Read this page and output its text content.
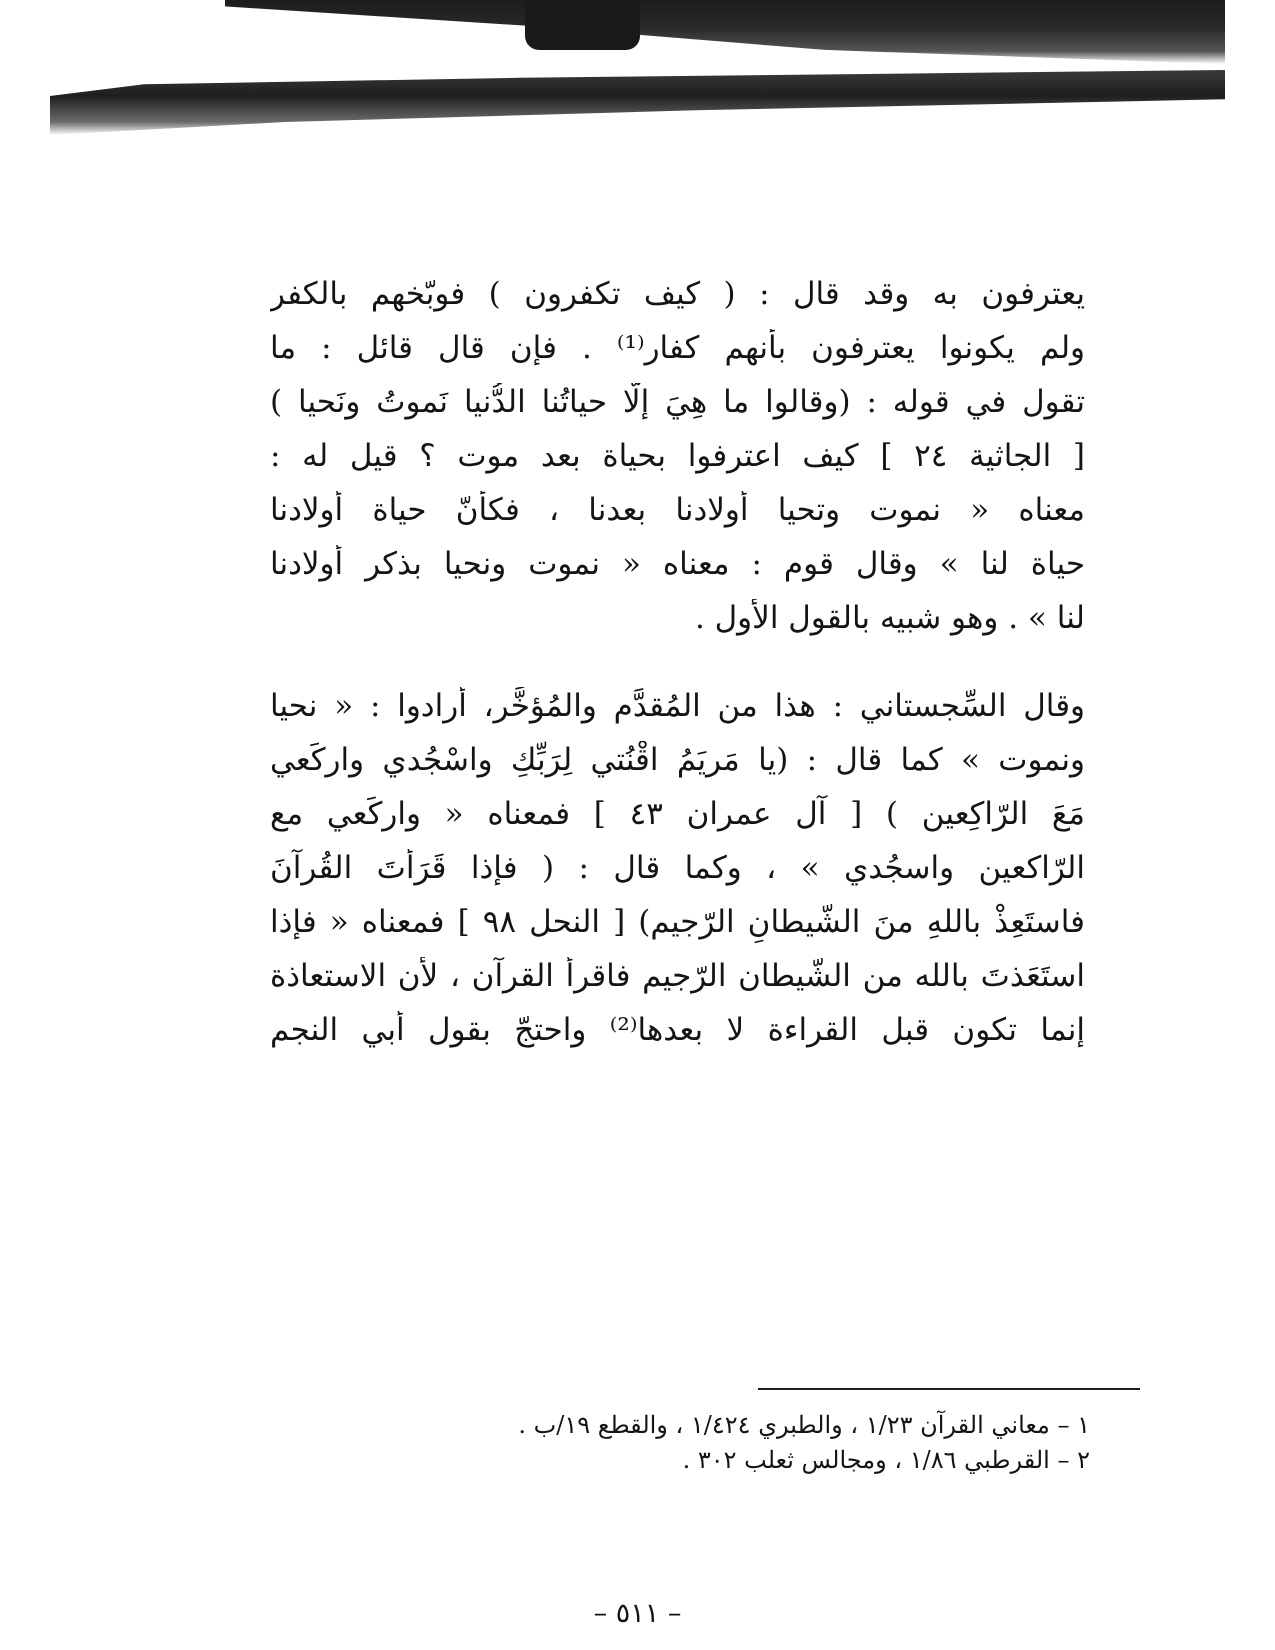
يعترفون به وقد قال : ( كيف تكفرون ) فوبّخهم بالكفر
ولم يكونوا يعترفون بأنهم كفار⁽¹⁾ . فإن قال قائل : ما
تقول في قوله : (وقالوا ما هِيَ إلّا حياتُنا الدُّنيا نَموتُ ونَحيا )
[ الجاثية ٢٤ ] كيف اعترفوا بحياة بعد موت ؟ قيل له :
معناه « نموت وتحيا أولادنا بعدنا ، فكأنّ حياة أولادنا
حياة لنا » وقال قوم : معناه « نموت ونحيا بذكر أولادنا
لنا » . وهو شبيه بالقول الأول .
وقال السِّجستاني : هذا من المُقدَّم والمُؤخَّر، أرادوا : « نحيا
ونموت » كما قال : (يا مَريَمُ اقْنُتي لِرَبِّكِ واسْجُدي واركَعي
مَعَ الرّاكِعين ) [ آل عمران ٤٣ ] فمعناه « واركَعي مع
الرّاكعين واسجُدي » ، وكما قال : ( فإذا قَرَأتَ القُرآنَ
فاستَعِذْ باللهِ منَ الشّيطانِ الرّجيم) [ النحل ٩٨ ] فمعناه « فإذا
استَعَذتَ بالله من الشّيطان الرّجيم فاقرأ القرآن ، لأن الاستعاذة
إنما تكون قبل القراءة لا بعدها⁽²⁾ واحتجّ بقول أبي النجم
١ – معاني القرآن ١/٢٣ ، والطبري ١/٤٢٤ ، والقطع ١٩/ب .
٢ – القرطبي ١/٨٦ ، ومجالس ثعلب ٣٠٢ .
– ٥١١ –
